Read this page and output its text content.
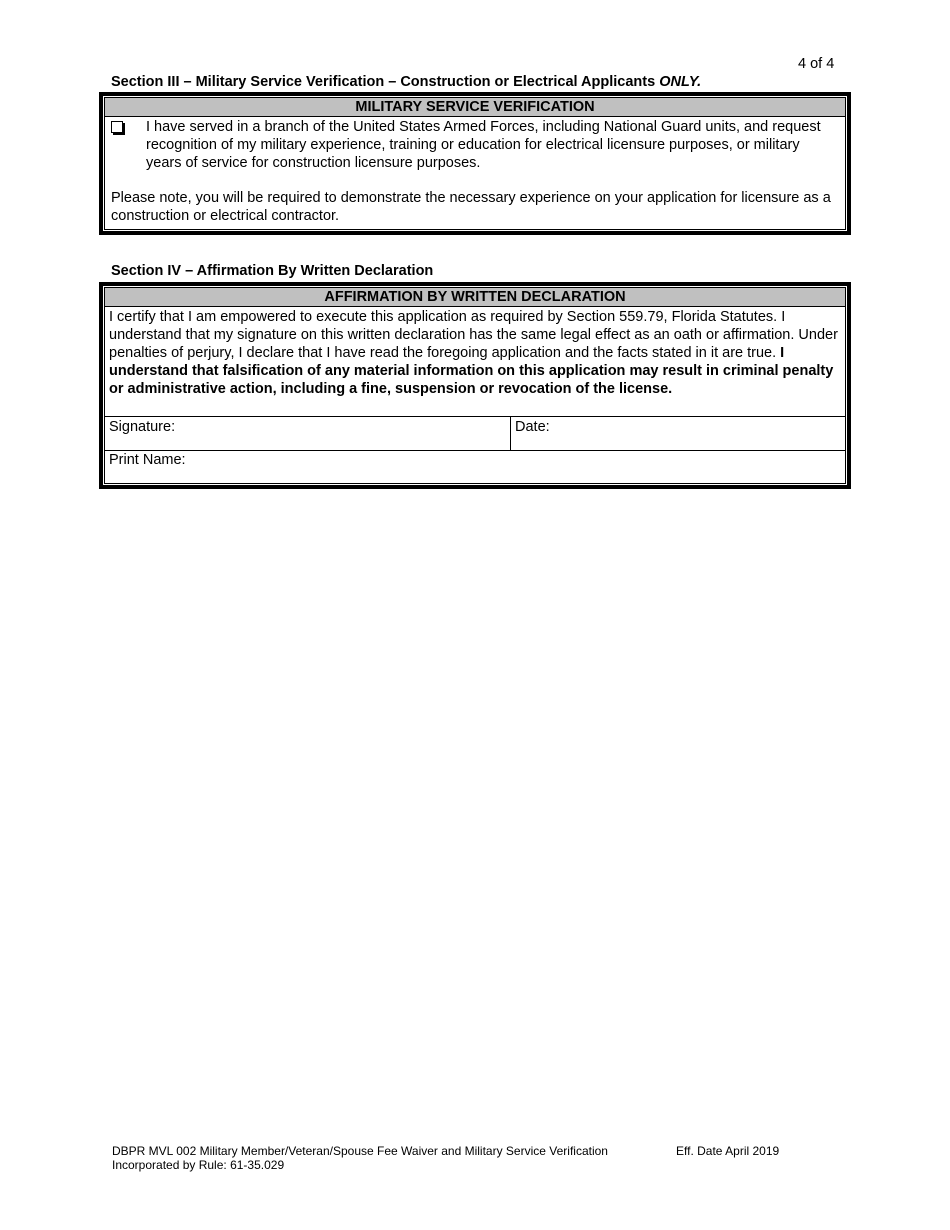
4 of 4
Section III – Military Service Verification – Construction or Electrical Applicants ONLY.
MILITARY SERVICE VERIFICATION
I have served in a branch of the United States Armed Forces, including National Guard units, and request recognition of my military experience, training or education for electrical licensure purposes, or military years of service for construction licensure purposes.
Please note, you will be required to demonstrate the necessary experience on your application for licensure as a construction or electrical contractor.
Section IV – Affirmation By Written Declaration
AFFIRMATION BY WRITTEN DECLARATION
I certify that I am empowered to execute this application as required by Section 559.79, Florida Statutes. I understand that my signature on this written declaration has the same legal effect as an oath or affirmation. Under penalties of perjury, I declare that I have read the foregoing application and the facts stated in it are true. I understand that falsification of any material information on this application may result in criminal penalty or administrative action, including a fine, suspension or revocation of the license.
Signature:	Date:
Print Name:
DBPR MVL 002 Military Member/Veteran/Spouse Fee Waiver and Military Service Verification
Incorporated by Rule: 61-35.029
Eff. Date April 2019
